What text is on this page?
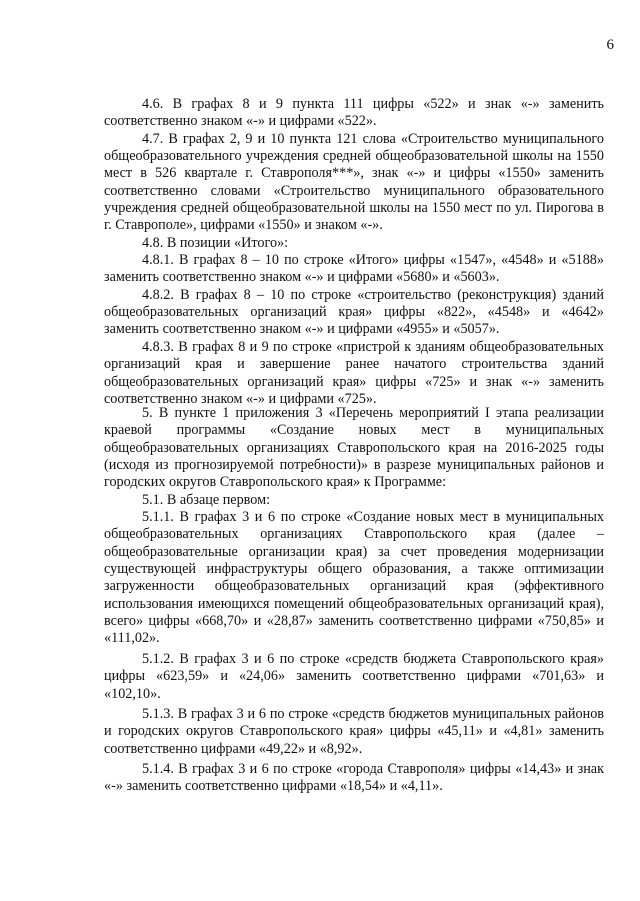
6

4.6. В графах 8 и 9 пункта 111 цифры «522» и знак «-» заменить соответственно знаком «-» и цифрами «522».

4.7. В графах 2, 9 и 10 пункта 121 слова «Строительство муниципального общеобразовательного учреждения средней общеобразовательной школы на 1550 мест в 526 квартале г. Ставрополя***», знак «-» и цифры «1550» заменить соответственно словами «Строительство муниципального образовательного учреждения средней общеобразовательной школы на 1550 мест по ул. Пирогова в г. Ставрополе», цифрами «1550» и знаком «-».

4.8. В позиции «Итого»:

4.8.1. В графах 8 – 10 по строке «Итого» цифры «1547», «4548» и «5188» заменить соответственно знаком «-» и цифрами «5680» и «5603».

4.8.2. В графах 8 – 10 по строке «строительство (реконструкция) зданий общеобразовательных организаций края» цифры «822», «4548» и «4642» заменить соответственно знаком «-» и цифрами «4955» и «5057».

4.8.3. В графах 8 и 9 по строке «пристрой к зданиям общеобразовательных организаций края и завершение ранее начатого строительства зданий общеобразовательных организаций края» цифры «725» и знак «-» заменить соответственно знаком «-» и цифрами «725».

5. В пункте 1 приложения 3 «Перечень мероприятий I этапа реализации краевой программы «Создание новых мест в муниципальных общеобразовательных организациях Ставропольского края на 2016-2025 годы (исходя из прогнозируемой потребности)» в разрезе муниципальных районов и городских округов Ставропольского края» к Программе:

5.1. В абзаце первом:

5.1.1. В графах 3 и 6 по строке «Создание новых мест в муниципальных общеобразовательных организациях Ставропольского края (далее – общеобразовательные организации края) за счет проведения модернизации существующей инфраструктуры общего образования, а также оптимизации загруженности общеобразовательных организаций края (эффективного использования имеющихся помещений общеобразовательных организаций края), всего» цифры «668,70» и «28,87» заменить соответственно цифрами «750,85» и «111,02».

5.1.2. В графах 3 и 6 по строке «средств бюджета Ставропольского края» цифры «623,59» и «24,06» заменить соответственно цифрами «701,63» и «102,10».

5.1.3. В графах 3 и 6 по строке «средств бюджетов муниципальных районов и городских округов Ставропольского края» цифры «45,11» и «4,81» заменить соответственно цифрами «49,22» и «8,92».

5.1.4. В графах 3 и 6 по строке «города Ставрополя» цифры «14,43» и знак «-» заменить соответственно цифрами «18,54» и «4,11».
